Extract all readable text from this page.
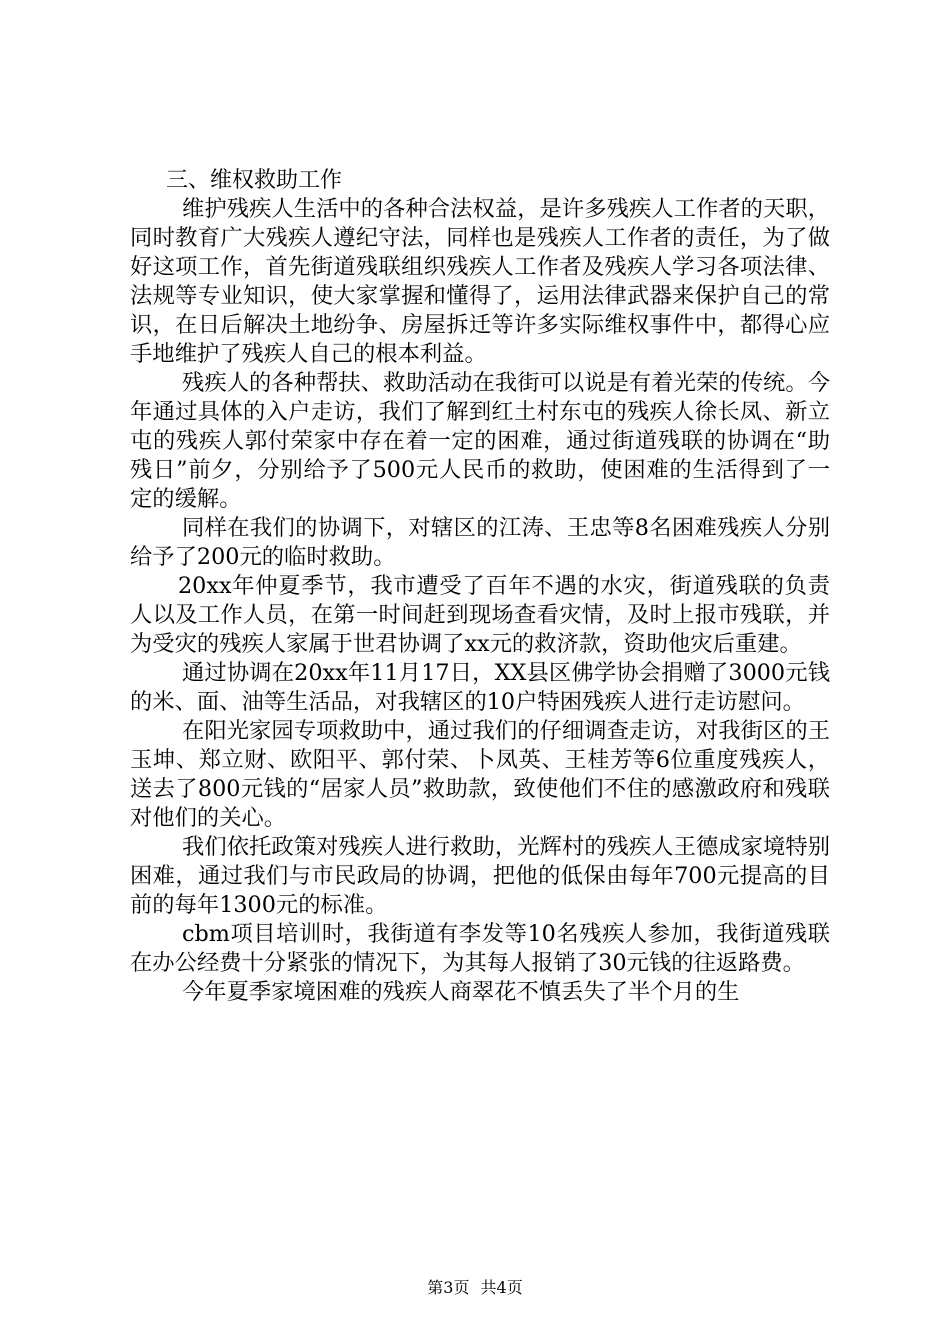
三、维权救助工作

维护残疾人生活中的各种合法权益，是许多残疾人工作者的天职，同时教育广大残疾人遵纪守法，同样也是残疾人工作者的责任，为了做好这项工作，首先街道残联组织残疾人工作者及残疾人学习各项法律、法规等专业知识，使大家掌握和懂得了，运用法律武器来保护自己的常识，在日后解决土地纷争、房屋拆迁等许多实际维权事件中，都得心应手地维护了残疾人自己的根本利益。

残疾人的各种帮扶、救助活动在我街可以说是有着光荣的传统。今年通过具体的入户走访，我们了解到红土村东屯的残疾人徐长凤、新立屯的残疾人郭付荣家中存在着一定的困难，通过街道残联的协调在“助残日”前夕，分别给予了500元人民币的救助，使困难的生活得到了一定的缓解。

同样在我们的协调下，对辖区的江涛、王忠等8名困难残疾人分别给予了200元的临时救助。

20xx年仲夏季节，我市遭受了百年不遇的水灾，街道残联的负责人以及工作人员，在第一时间赶到现场查看灾情，及时上报市残联，并为受灾的残疾人家属于世君协调了xx元的救济款，资助他灾后重建。

通过协调在20xx年11月17日，XX县区佛学协会捐赠了3000元钱的米、面、油等生活品，对我辖区的10户特困残疾人进行走访慰问。

在阳光家园专项救助中，通过我们的仔细调查走访，对我街区的王玉坤、郑立财、欧阳平、郭付荣、卜凤英、王桂芳等6位重度残疾人，送去了800元钱的“居家人员”救助款，致使他们不住的感激政府和残联对他们的关心。

我们依托政策对残疾人进行救助，光辉村的残疾人王德成家境特别困难，通过我们与市民政局的协调，把他的低保由每年700元提高的目前的每年1300元的标准。

cbm项目培训时，我街道有李发等10名残疾人参加，我街道残联在办公经费十分紧张的情况下，为其每人报销了30元钱的往返路费。

今年夏季家境困难的残疾人商翠花不慎丢失了半个月的生

第3页 共4页
